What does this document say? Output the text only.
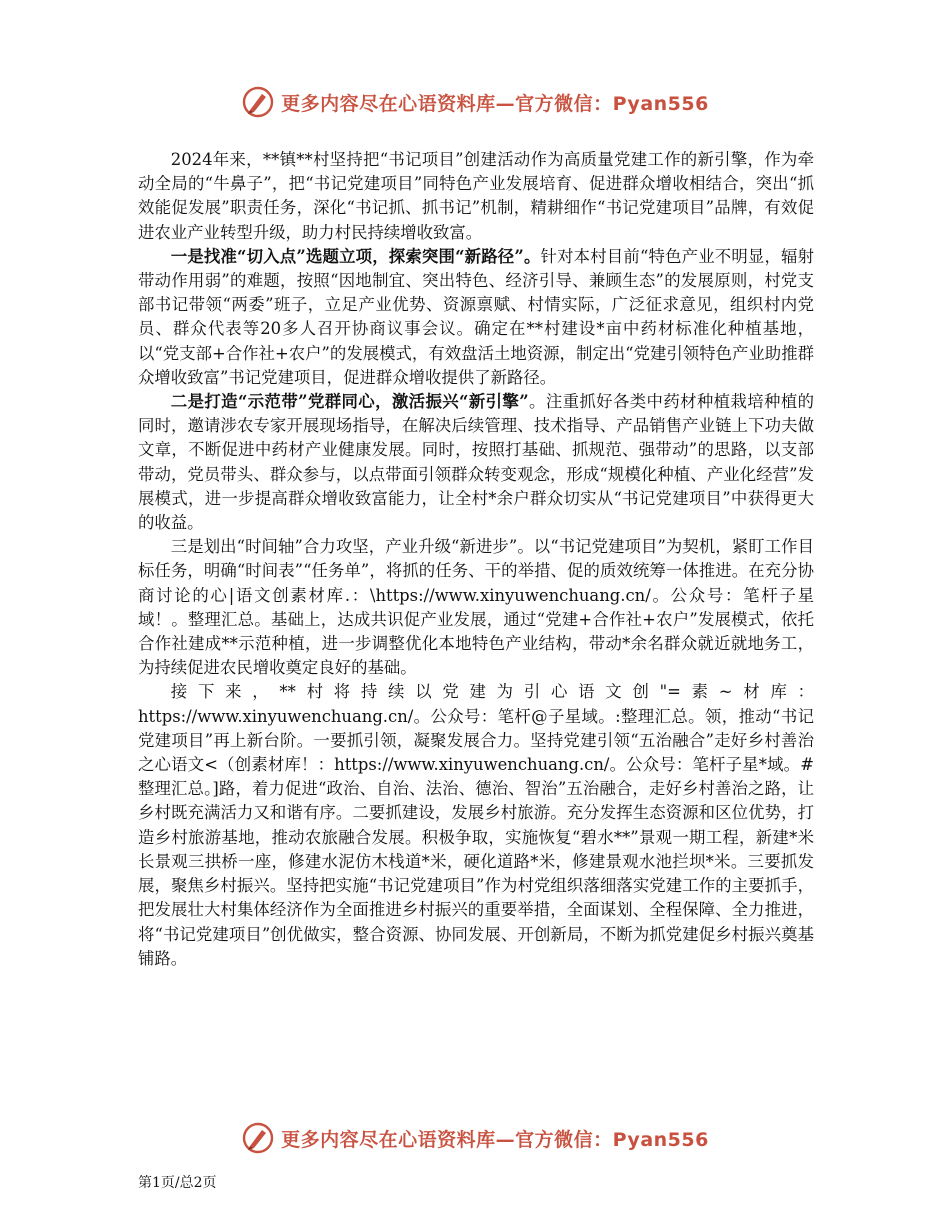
更多内容尽在心语资料库—官方微信：Pyan556

2024年来，**镇**村坚持把“书记项目”创建活动作为高质量党建工作的新引擎，作为牵动全局的“牛鼻子”，把“书记党建项目”同特色产业发展培育、促进群众增收相结合，突出“抓效能促发展”职责任务，深化“书记抓、抓书记”机制，精耕细作“书记党建项目”品牌，有效促进农业产业转型升级，助力村民持续增收致富。

一是找准“切入点”选题立项，探索突围“新路径”。针对本村目前“特色产业不明显，辐射带动作用弱”的难题，按照“因地制宜、突出特色、经济引导、兼顾生态”的发展原则，村党支部书记带领“两委”班子，立足产业优势、资源禀赋、村情实际，广泛征求意见，组织村内党员、群众代表等20多人召开协商议事会议。确定在**村建设*亩中药材标准化种植基地，以“党支部+合作社+农户”的发展模式，有效盘活土地资源，制定出“党建引领特色产业助推群众增收致富”书记党建项目，促进群众增收提供了新路径。

二是打造“示范带”党群同心，激活振兴“新引擎”。注重抓好各类中药材种植栽培种植的同时，邀请涉农专家开展现场指导，在解决后续管理、技术指导、产品销售产业链上下功夫做文章，不断促进中药材产业健康发展。同时，按照打基础、抓规范、强带动”的思路，以支部带动，党员带头、群众参与，以点带面引领群众转变观念，形成“规模化种植、产业化经营”发展模式，进一步提高群众增收致富能力，让全村*余户群众切实从“书记党建项目”中获得更大的收益。

三是划出“时间轴”合力攻坚，产业升级“新进步”。以“书记党建项目”为契机，紧盯工作目标任务，明确“时间表”“任务单”，将抓的任务、干的举措、促的质效统筹一体推进。在充分协商讨论的心|语文创素材库.：\https://www.xinyuwenchuang.cn/。公众号：笔杆子星域！。整理汇总。基础上，达成共识促产业发展，通过“党建+合作社+农户”发展模式，依托合作社建成**示范种植，进一步调整优化本地特色产业结构，带动*余名群众就近就地务工，为持续促进农民增收奠定良好的基础。

接下来，**村将持续以党建为引心语文创"=素~材库：https://www.xinyuwenchuang.cn/。公众号：笔杆@子星域。:整理汇总。领，推动“书记党建项目”再上新台阶。一要抓引领，凝聚发展合力。坚持党建引领“五治融合”走好乡村善治之心语文<（创素材库！：https://www.xinyuwenchuang.cn/。公众号：笔杆子星*域。#整理汇总。]路，着力促进“政治、自治、法治、德治、智治”五治融合，走好乡村善治之路，让乡村既充满活力又和谐有序。二要抓建设，发展乡村旅游。充分发挥生态资源和区位优势，打造乡村旅游基地，推动农旅融合发展。积极争取，实施恢复“碧水**”景观一期工程，新建*米长景观三拱桥一座，修建水泥仿木栈道*米，硬化道路*米，修建景观水池拦坝*米。三要抓发展，聚焦乡村振兴。坚持把实施“书记党建项目”作为村党组织落细落实党建工作的主要抓手，把发展壮大村集体经济作为全面推进乡村振兴的重要举措，全面谋划、全程保障、全力推进，将“书记党建项目”创优做实，整合资源、协同发展、开创新局，不断为抓党建促乡村振兴奠基铺路。

更多内容尽在心语资料库—官方微信：Pyan556
第1页/总2页
